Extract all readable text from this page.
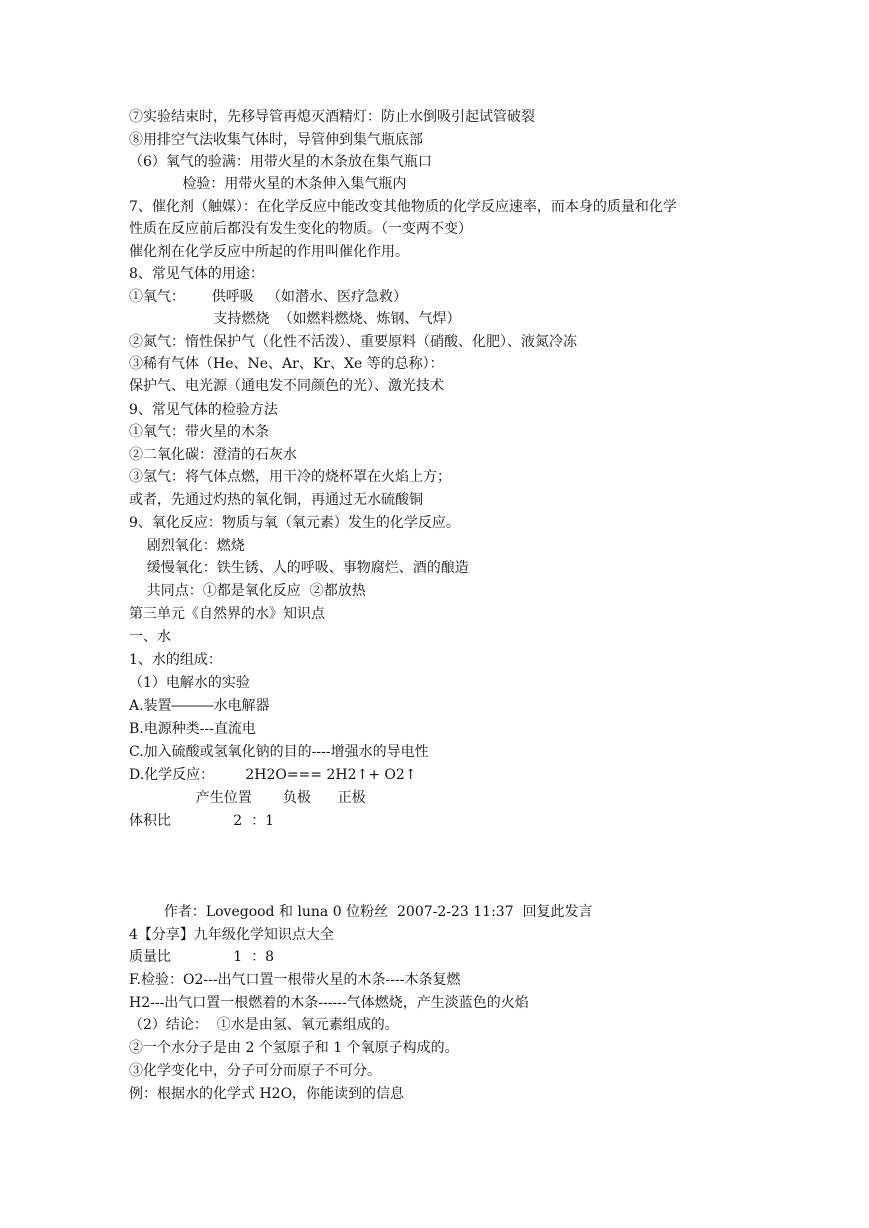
⑦实验结束时，先移导管再熄灭酒精灯：防止水倒吸引起试管破裂
⑧用排空气法收集气体时，导管伸到集气瓶底部
（6）氧气的验满：用带火星的木条放在集气瓶口
检验：用带火星的木条伸入集气瓶内
7、催化剂（触媒）：在化学反应中能改变其他物质的化学反应速率，而本身的质量和化学
性质在反应前后都没有发生变化的物质。（一变两不变）
催化剂在化学反应中所起的作用叫催化作用。
8、常见气体的用途：
①氧气：      供呼吸   （如潜水、医疗急救）
支持燃烧  （如燃料燃烧、炼钢、气焊）
②氮气：惰性保护气（化性不活泼）、重要原料（硝酸、化肥）、液氮冷冻
③稀有气体（He、Ne、Ar、Kr、Xe 等的总称）：
保护气、电光源（通电发不同颜色的光）、激光技术
9、常见气体的检验方法
①氧气：带火星的木条
②二氧化碳：澄清的石灰水
③氢气：将气体点燃，用干冷的烧杯罩在火焰上方；
或者，先通过灼热的氧化铜，再通过无水硫酸铜
9、氧化反应：物质与氧（氧元素）发生的化学反应。
剧烈氧化：燃烧
缓慢氧化：铁生锈、人的呼吸、事物腐烂、酒的酿造
共同点：①都是氧化反应  ②都放热
第三单元《自然界的水》知识点
一、水
1、水的组成：
（1）电解水的实验
A.装置―――水电解器
B.电源种类---直流电
C.加入硫酸或氢氧化钠的目的----增强水的导电性
D.化学反应：       2H2O=== 2H2↑+ O2↑
产生位置       负极      正极
体积比              2  ：1

作者：Lovegood 和 luna 0 位粉丝 2007-2-23 11:37 回复此发言

4【分享】九年级化学知识点大全
质量比              1  ：8
F.检验：O2---出气口置一根带火星的木条----木条复燃
H2---出气口置一根燃着的木条------气体燃烧，产生淡蓝色的火焰
（2）结论：  ①水是由氢、氧元素组成的。
②一个水分子是由 2 个氢原子和 1 个氧原子构成的。
③化学变化中，分子可分而原子不可分。
例：根据水的化学式 H2O，你能读到的信息
